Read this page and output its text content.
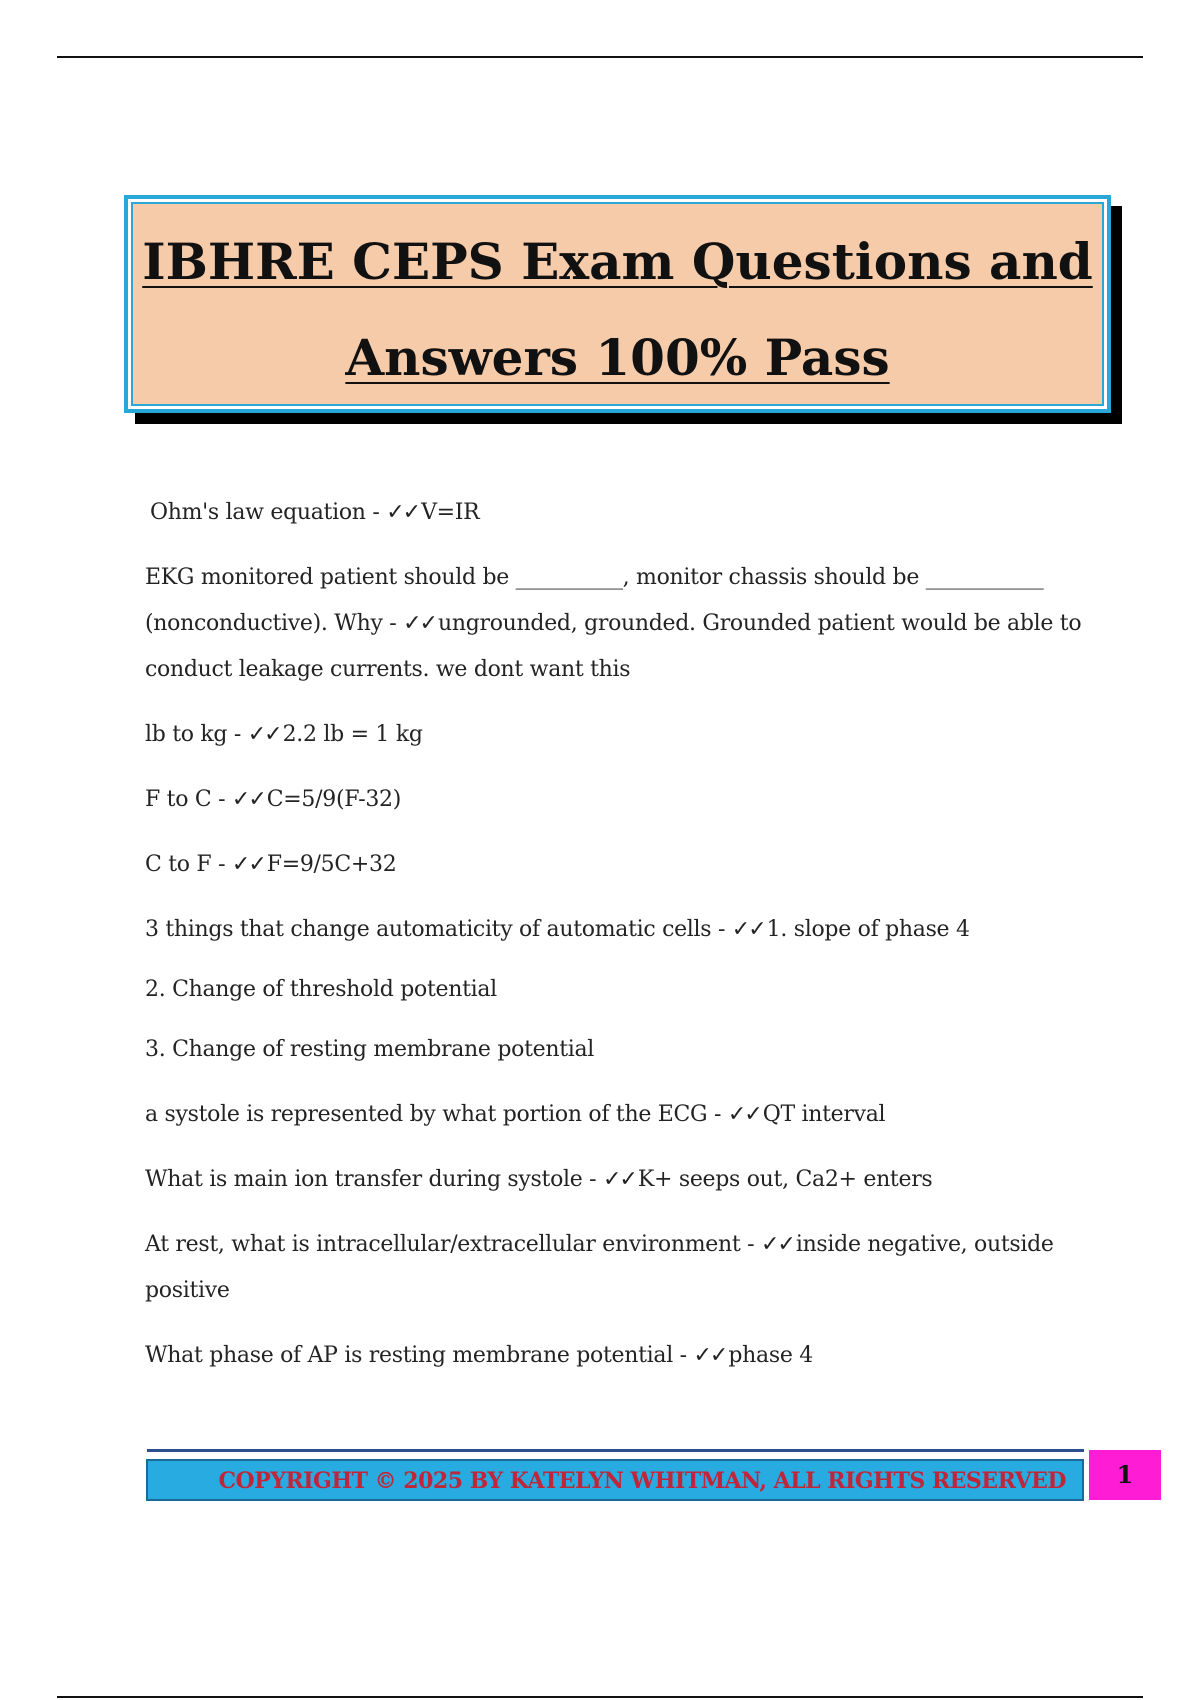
IBHRE CEPS Exam Questions and
Answers 100% Pass
Ohm's law equation - ✓✓V=IR
EKG monitored patient should be __________, monitor chassis should be ___________ (nonconductive). Why - ✓✓ungrounded, grounded. Grounded patient would be able to conduct leakage currents. we dont want this
lb to kg - ✓✓2.2 lb = 1 kg
F to C - ✓✓C=5/9(F-32)
C to F - ✓✓F=9/5C+32
3 things that change automaticity of automatic cells - ✓✓1. slope of phase 4
2. Change of threshold potential
3. Change of resting membrane potential
a systole is represented by what portion of the ECG - ✓✓QT interval
What is main ion transfer during systole - ✓✓K+ seeps out, Ca2+ enters
At rest, what is intracellular/extracellular environment - ✓✓inside negative, outside positive
What phase of AP is resting membrane potential - ✓✓phase 4
COPYRIGHT © 2025 BY KATELYN WHITMAN, ALL RIGHTS RESERVED	1
